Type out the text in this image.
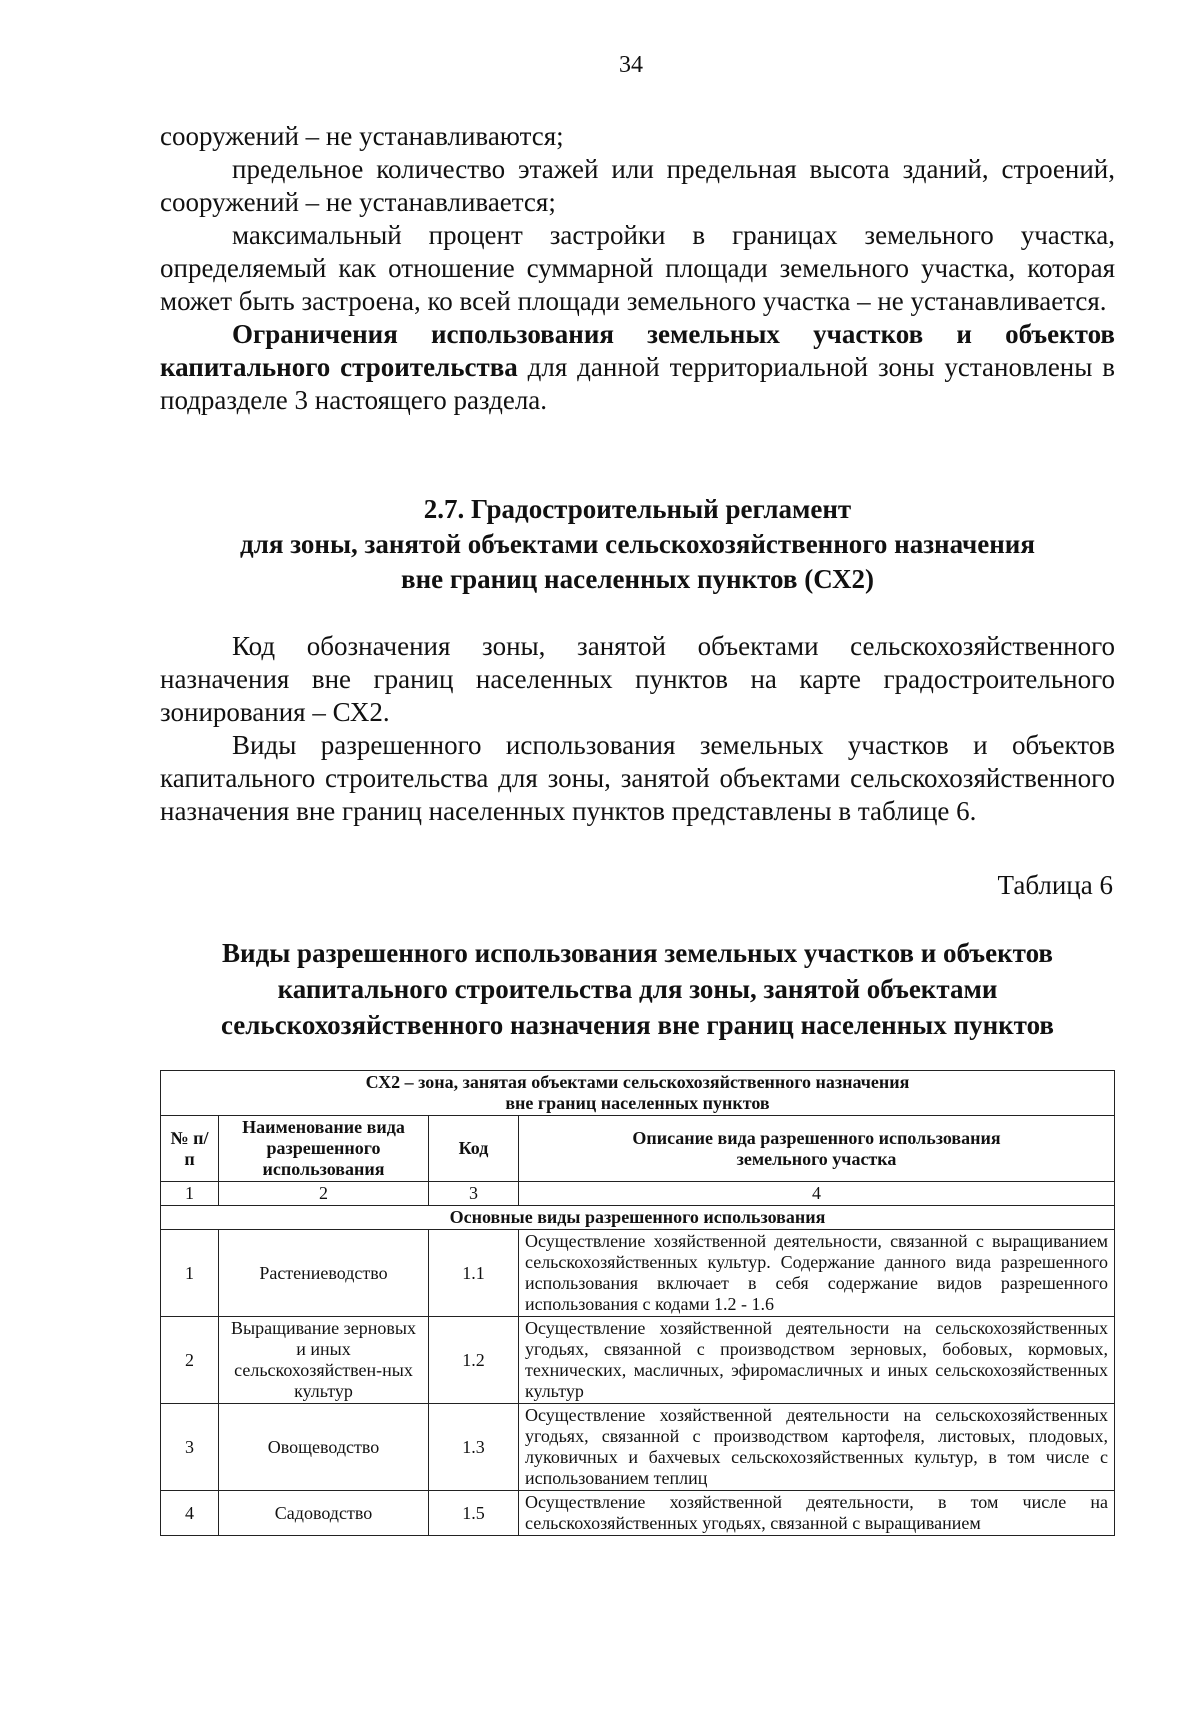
34

сооружений – не устанавливаются;

предельное количество этажей или предельная высота зданий, строений, сооружений – не устанавливается;

максимальный процент застройки в границах земельного участка, определяемый как отношение суммарной площади земельного участка, которая может быть застроена, ко всей площади земельного участка – не устанавливается.

Ограничения использования земельных участков и объектов капитального строительства для данной территориальной зоны установлены в подразделе 3 настоящего раздела.

2.7. Градостроительный регламент
для зоны, занятой объектами сельскохозяйственного назначения
вне границ населенных пунктов (СХ2)

Код обозначения зоны, занятой объектами сельскохозяйственного назначения вне границ населенных пунктов на карте градостроительного зонирования – СХ2.

Виды разрешенного использования земельных участков и объектов капитального строительства для зоны, занятой объектами сельскохозяйственного назначения вне границ населенных пунктов представлены в таблице 6.

Таблица 6
Виды разрешенного использования земельных участков и объектов
капитального строительства для зоны, занятой объектами
сельскохозяйственного назначения вне границ населенных пунктов
СХ2 – зона, занятая объектами сельскохозяйственного назначения
вне границ населенных пунктов			

№ п/п	Наименование вида разрешенного использования	Код	Описание вида разрешенного использования земельного участка
1	2	3	4
Основные виды разрешенного использования			
1	Растениеводство	1.1	Осуществление хозяйственной деятельности, связанной с выращиванием сельскохозяйственных культур. Содержание данного вида разрешенного использования включает в себя содержание видов разрешенного использования с кодами 1.2 - 1.6
2	Выращивание зерновых и иных сельскохозяйствен-ных культур	1.2	Осуществление хозяйственной деятельности на сельскохозяйственных угодьях, связанной с производством зерновых, бобовых, кормовых, технических, масличных, эфиромасличных и иных сельскохозяйственных культур
3	Овощеводство	1.3	Осуществление хозяйственной деятельности на сельскохозяйственных угодьях, связанной с производством картофеля, листовых, плодовых, луковичных и бахчевых сельскохозяйственных культур, в том числе с использованием теплиц
4	Садоводство	1.5	Осуществление хозяйственной деятельности, в том числе на сельскохозяйственных угодьях, связанной с выращиванием
